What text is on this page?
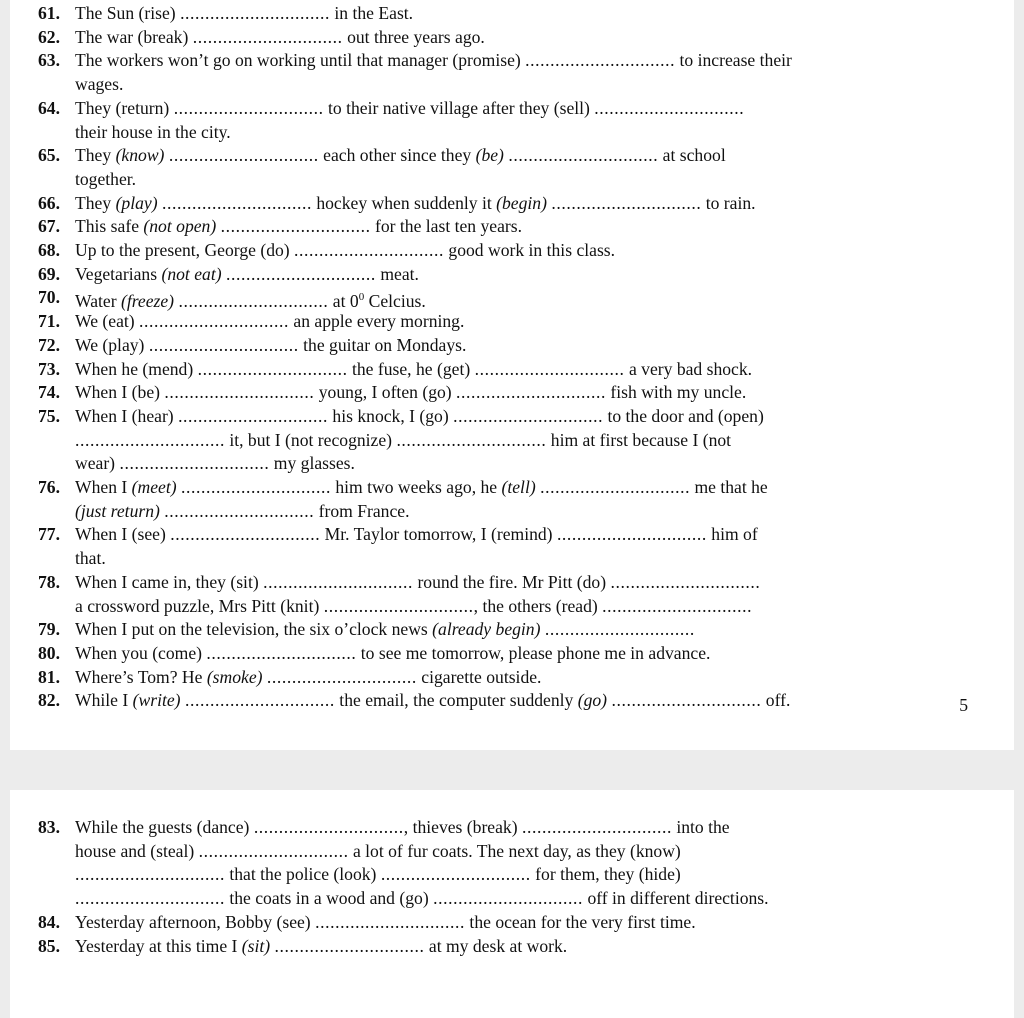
61. The Sun (rise) .............................. in the East.
62. The war (break) .............................. out three years ago.
63. The workers won’t go on working until that manager (promise) .............................. to increase their
wages.
64. They (return) .............................. to their native village after they (sell) ..............................
their house in the city.
65. They (know) .............................. each other since they (be) .............................. at school
together.
66. They (play) .............................. hockey when suddenly it (begin) .............................. to rain.
67. This safe (not open) .............................. for the last ten years.
68. Up to the present, George (do) .............................. good work in this class.
69. Vegetarians (not eat) .............................. meat.
70. Water (freeze) .............................. at $0^0$ Celcius.
71. We (eat) .............................. an apple every morning.
72. We (play) .............................. the guitar on Mondays.
73. When he (mend) .............................. the fuse, he (get) .............................. a very bad shock.
74. When I (be) .............................. young, I often (go) .............................. fish with my uncle.
75. When I (hear) .............................. his knock, I (go) .............................. to the door and (open)
.............................. it, but I (not recognize) .............................. him at first because I (not
wear) .............................. my glasses.
76. When I (meet) .............................. him two weeks ago, he (tell) .............................. me that he
(just return) .............................. from France.
77. When I (see) .............................. Mr. Taylor tomorrow, I (remind) .............................. him of
that.
78. When I came in, they (sit) .............................. round the fire. Mr Pitt (do) ..............................
a crossword puzzle, Mrs Pitt (knit) .............................., the others (read) ..............................
79. When I put on the television, the six o’clock news (already begin) ..............................
80. When you (come) .............................. to see me tomorrow, please phone me in advance.
81. Where’s Tom? He (smoke) .............................. cigarette outside.
82. While I (write) .............................. the email, the computer suddenly (go) .............................. off.	5
83. While the guests (dance) .............................., thieves (break) .............................. into the
house and (steal) .............................. a lot of fur coats. The next day, as they (know)
.............................. that the police (look) .............................. for them, they (hide)
.............................. the coats in a wood and (go) .............................. off in different directions.
84. Yesterday afternoon, Bobby (see) .............................. the ocean for the very first time.
85. Yesterday at this time I (sit) .............................. at my desk at work.
